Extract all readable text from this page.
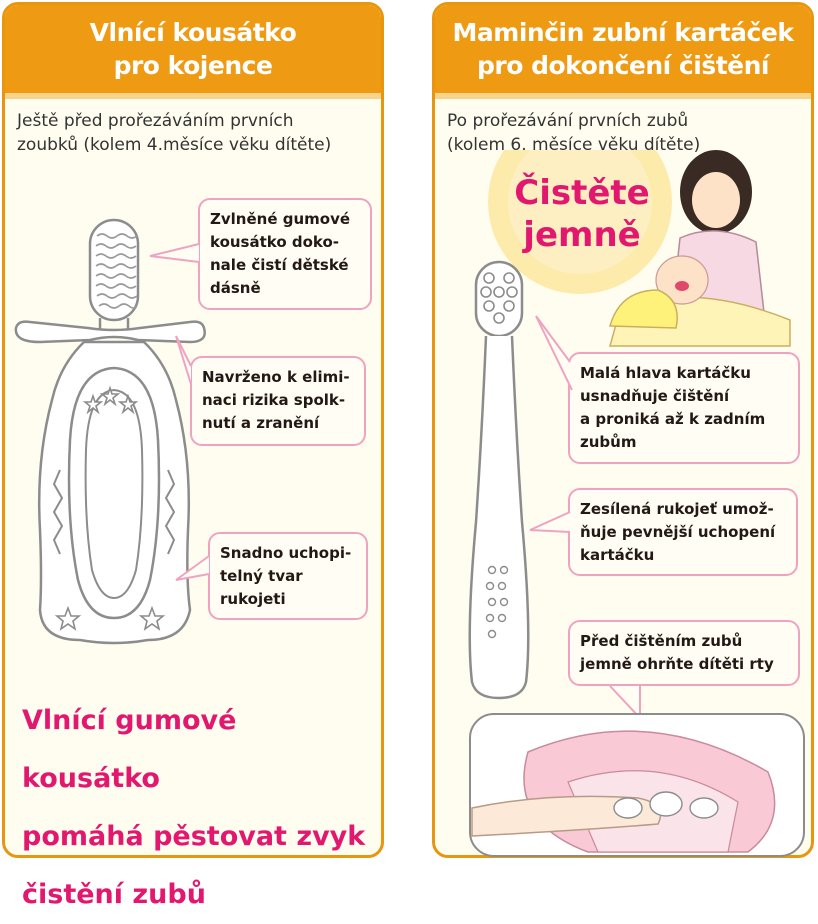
Vlnící kousátko
pro kojence
Ještě před prořezáváním prvních
zoubků (kolem 4.měsíce věku dítěte)
Maminčin zubní kartáček
pro dokončení čištění
Po prořezávání prvních zubů
(kolem 6. měsíce věku dítěte)
Zvlněné gumové
kousátko doko-
nale čistí dětské
dásně
Navrženo k elimi-
naci rizika spolk-
nutí a zranění
Snadno uchopi-
telný tvar
rukojeti
Vlnící gumové kousátko
pomáhá pěstovat zvyk
čistění zubů
Čistěte
jemně
Malá hlava kartáčku
usnadňuje čištění
a proniká až k zadním
zubům
Zesílená rukojeť umož-
ňuje pevnější uchopení
kartáčku
Před čištěním zubů
jemně ohrňte dítěti rty
